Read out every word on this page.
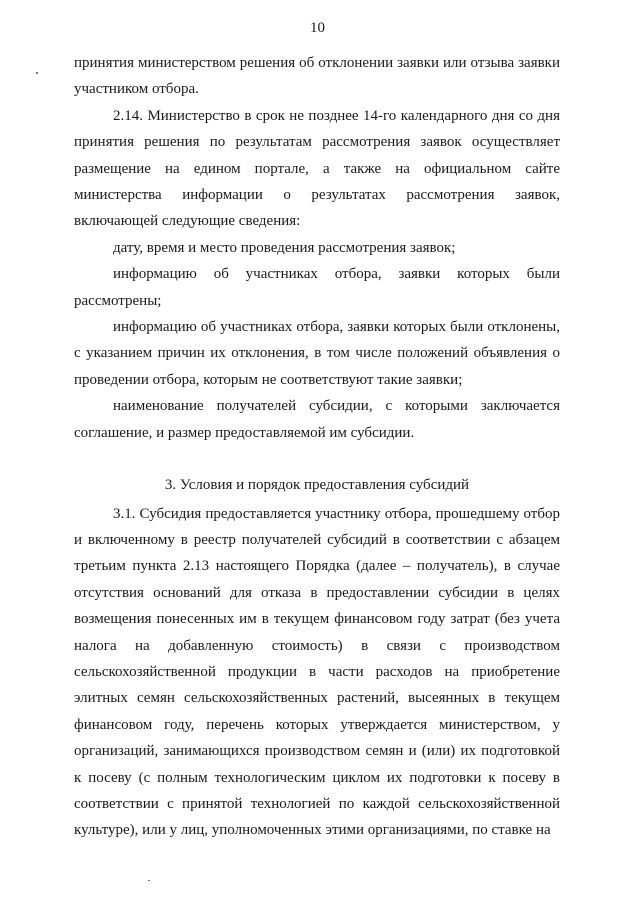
10

принятия министерством решения об отклонении заявки или отзыва заявки участником отбора.

2.14. Министерство в срок не позднее 14-го календарного дня со дня принятия решения по результатам рассмотрения заявок осуществляет размещение на едином портале, а также на официальном сайте министерства информации о результатах рассмотрения заявок, включающей следующие сведения:

дату, время и место проведения рассмотрения заявок;

информацию об участниках отбора, заявки которых были рассмотрены;

информацию об участниках отбора, заявки которых были отклонены, с указанием причин их отклонения, в том числе положений объявления о проведении отбора, которым не соответствуют такие заявки;

наименование получателей субсидии, с которыми заключается соглашение, и размер предоставляемой им субсидии.

3. Условия и порядок предоставления субсидий

3.1. Субсидия предоставляется участнику отбора, прошедшему отбор и включенному в реестр получателей субсидий в соответствии с абзацем третьим пункта 2.13 настоящего Порядка (далее – получатель), в случае отсутствия оснований для отказа в предоставлении субсидии в целях возмещения понесенных им в текущем финансовом году затрат (без учета налога на добавленную стоимость) в связи с производством сельскохозяйственной продукции в части расходов на приобретение элитных семян сельскохозяйственных растений, высеянных в текущем финансовом году, перечень которых утверждается министерством, у организаций, занимающихся производством семян и (или) их подготовкой к посеву (с полным технологическим циклом их подготовки к посеву в соответствии с принятой технологией по каждой сельскохозяйственной культуре), или у лиц, уполномоченных этими организациями, по ставке на
